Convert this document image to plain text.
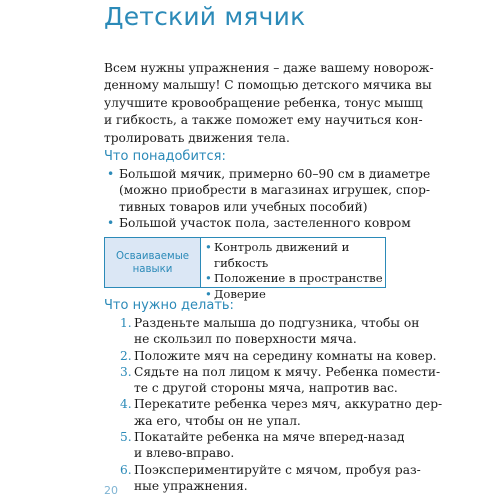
Детский мячик
Всем нужны упражнения – даже вашему новорож-
денному малышу! С помощью детского мячика вы
улучшите кровообращение ребенка, тонус мышц
и гибкость, а также поможет ему научиться кон-
тролировать движения тела.
Что понадобится:
• Большой мячик, примерно 60–90 см в диаметре
(можно приобрести в магазинах игрушек, спор-
тивных товаров или учебных пособий)
• Большой участок пола, застеленного ковром
Осваиваемые
навыки
• Контроль движений и гибкость
• Положение в пространстве
• Доверие
Что нужно делать:
1. Разденьте малыша до подгузника, чтобы он
не скользил по поверхности мяча.
2. Положите мяч на середину комнаты на ковер.
3. Сядьте на пол лицом к мячу. Ребенка помести-
те с другой стороны мяча, напротив вас.
4. Перекатите ребенка через мяч, аккуратно дер-
жа его, чтобы он не упал.
5. Покатайте ребенка на мяче вперед-назад
и влево-вправо.
6. Поэкспериментируйте с мячом, пробуя раз-
ные упражнения.
20
